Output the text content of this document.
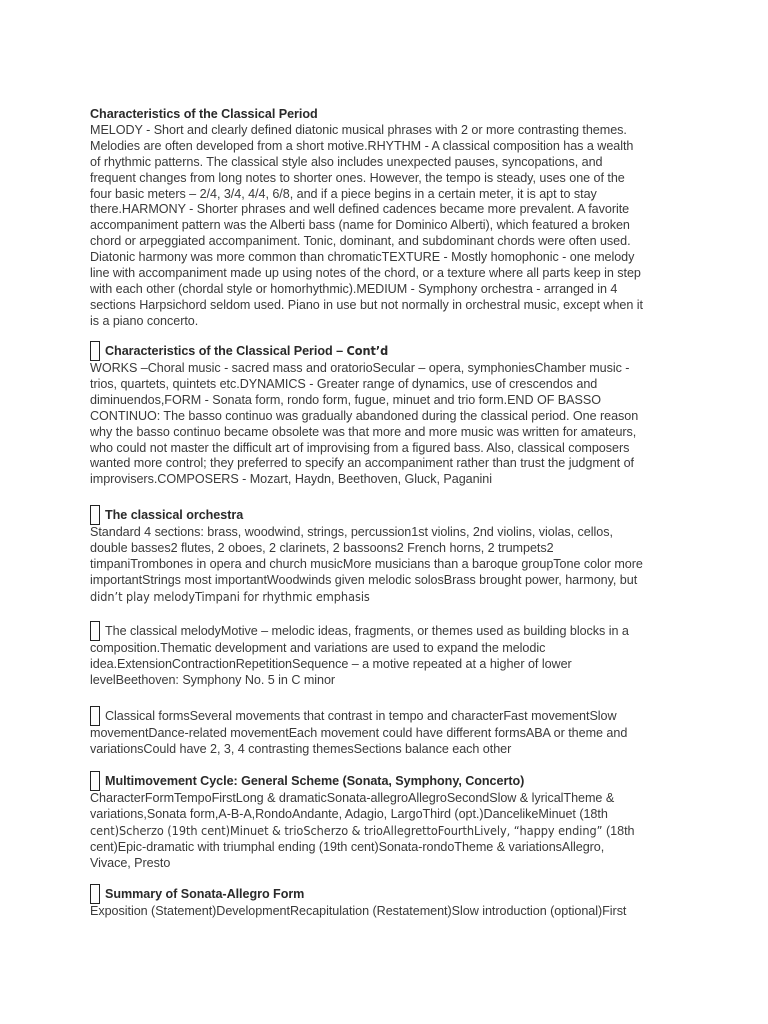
Characteristics of the Classical Period

MELODY - Short and clearly defined diatonic musical phrases with 2 or more contrasting themes.

Melodies are often developed from a short motive.RHYTHM - A classical composition has a wealth

of rhythmic patterns. The classical style also includes unexpected pauses, syncopations, and

frequent changes from long notes to shorter ones. However, the tempo is steady, uses one of the

four basic meters – 2/4, 3/4, 4/4, 6/8, and if a piece begins in a certain meter, it is apt to stay

there.HARMONY - Shorter phrases and well defined cadences became more prevalent. A favorite

accompaniment pattern was the Alberti bass (name for Dominico Alberti), which featured a broken

chord or arpeggiated accompaniment. Tonic, dominant, and subdominant chords were often used.

Diatonic harmony was more common than chromaticTEXTURE - Mostly homophonic - one melody

line with accompaniment made up using notes of the chord, or a texture where all parts keep in step

with each other (chordal style or homorhythmic).MEDIUM - Symphony orchestra - arranged in 4

sections Harpsichord seldom used. Piano in use but not normally in orchestral music, except when it

is a piano concerto.

Characteristics of the Classical Period – Cont’d

WORKS –Choral music - sacred mass and oratorioSecular – opera, symphoniesChamber music -

trios, quartets, quintets etc.DYNAMICS - Greater range of dynamics, use of crescendos and

diminuendos,FORM - Sonata form, rondo form, fugue, minuet and trio form.END OF BASSO

CONTINUO: The basso continuo was gradually abandoned during the classical period. One reason

why the basso continuo became obsolete was that more and more music was written for amateurs,

who could not master the difficult art of improvising from a figured bass. Also, classical composers

wanted more control; they preferred to specify an accompaniment rather than trust the judgment of

improvisers.COMPOSERS - Mozart, Haydn, Beethoven, Gluck, Paganini

The classical orchestra

Standard 4 sections: brass, woodwind, strings, percussion1st violins, 2nd violins, violas, cellos,

double basses2 flutes, 2 oboes, 2 clarinets, 2 bassoons2 French horns, 2 trumpets2

timpaniTrombones in opera and church musicMore musicians than a baroque groupTone color more

importantStrings most importantWoodwinds given melodic solosBrass brought power, harmony, but

didn’t play melodyTimpani for rhythmic emphasis

The classical melodyMotive – melodic ideas, fragments, or themes used as building blocks in a

composition.Thematic development and variations are used to expand the melodic

idea.ExtensionContractionRepetitionSequence – a motive repeated at a higher of lower

levelBeethoven: Symphony No. 5 in C minor

Classical formsSeveral movements that contrast in tempo and characterFast movementSlow

movementDance-related movementEach movement could have different formsABA or theme and

variationsCould have 2, 3, 4 contrasting themesSections balance each other

Multimovement Cycle: General Scheme (Sonata, Symphony, Concerto)

CharacterFormTempoFirstLong & dramaticSonata-allegroAllegroSecondSlow & lyricalTheme &

variations,Sonata form,A-B-A,RondoAndante, Adagio, LargoThird (opt.)DancelikeMinuet (18th

cent)Scherzo (19th cent)Minuet & trioScherzo & trioAllegrettoFourthLively, “happy ending” (18th

cent)Epic-dramatic with triumphal ending (19th cent)Sonata-rondoTheme & variationsAllegro,

Vivace, Presto

Summary of Sonata-Allegro Form

Exposition (Statement)DevelopmentRecapitulation (Restatement)Slow introduction (optional)First
